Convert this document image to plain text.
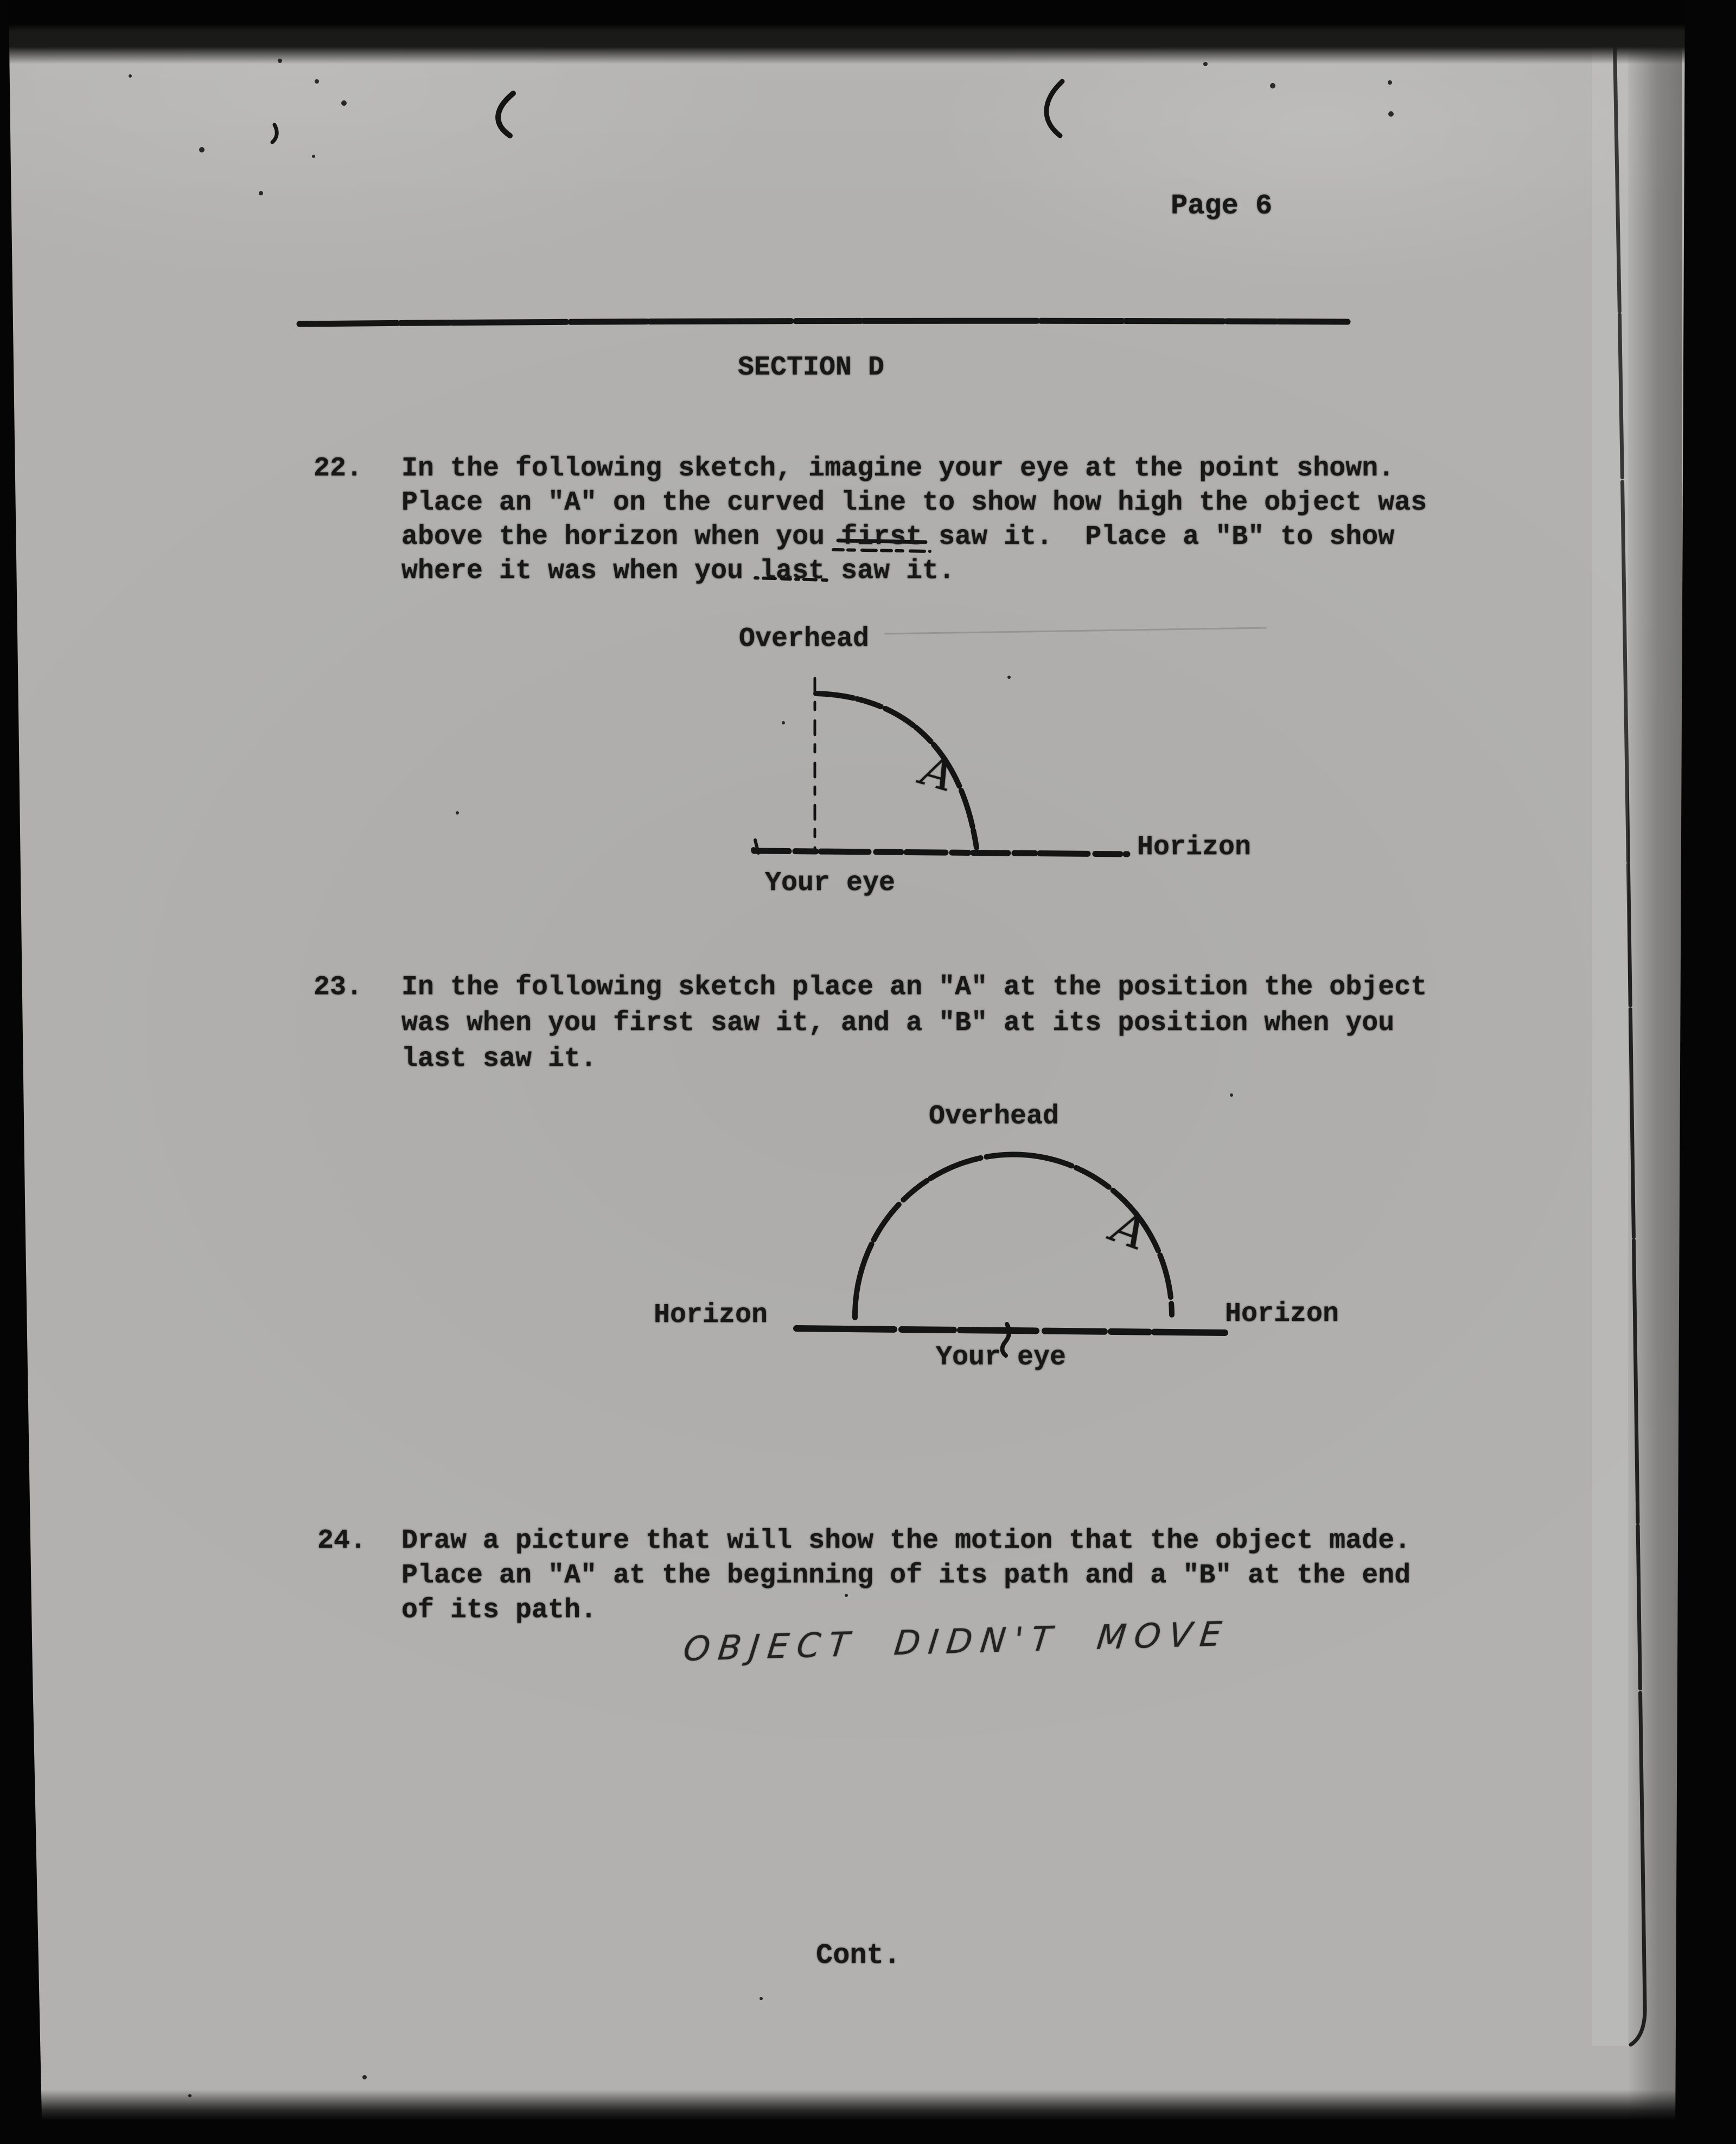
Page 6
SECTION D
22. In the following sketch, imagine your eye at the point shown.
Place an "A" on the curved line to show how high the object was
above the horizon when you first saw it.  Place a "B" to show
where it was when you last saw it.
Overhead
Horizon
Your eye
A
23. In the following sketch place an "A" at the position the object
was when you first saw it, and a "B" at its position when you
last saw it.
Overhead
Horizon	Horizon
Your eye
A
24. Draw a picture that will show the motion that the object made.
Place an "A" at the beginning of its path and a "B" at the end
of its path.
OBJECT DIDN'T MOVE
Cont.
